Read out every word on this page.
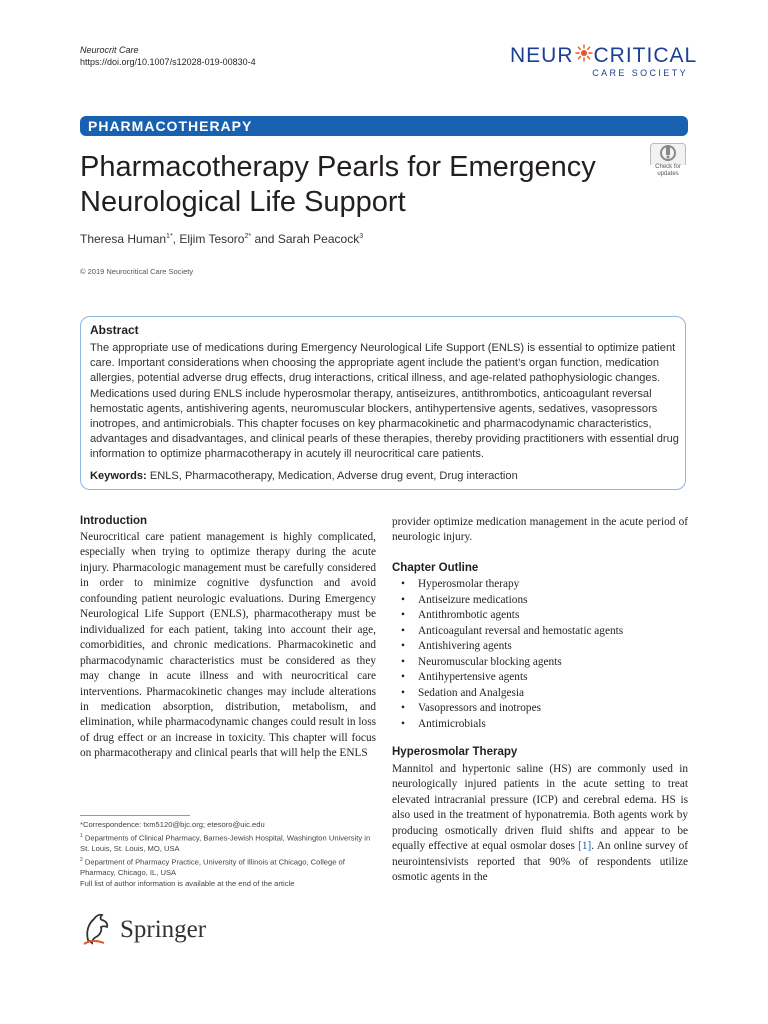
Neurocrit Care
https://doi.org/10.1007/s12028-019-00830-4	NEUR CRITICAL
CARE SOCIETY
PHARMACOTHERAPY
Pharmacotherapy Pearls for Emergency Neurological Life Support
Check for updates
Theresa Human$^{1*}$, Eljim Tesoro$^{2*}$ and Sarah Peacock$^3$
© 2019 Neurocritical Care Society
Abstract
The appropriate use of medications during Emergency Neurological Life Support (ENLS) is essential to optimize patient care. Important considerations when choosing the appropriate agent include the patient’s organ function, medication allergies, potential adverse drug effects, drug interactions, critical illness, and age-related pathophysiologic changes. Medications used during ENLS include hyperosmolar therapy, antiseizures, antithrombotics, anticoagulant reversal hemostatic agents, antishivering agents, neuromuscular blockers, antihypertensive agents, sedatives, vasopressors inotropes, and antimicrobials. This chapter focuses on key pharmacokinetic and pharmacodynamic characteristics, advantages and disadvantages, and clinical pearls of these therapies, thereby providing practitioners with essential drug information to optimize pharmacotherapy in acutely ill neurocritical care patients.
Keywords: ENLS, Pharmacotherapy, Medication, Adverse drug event, Drug interaction
Introduction
Neurocritical care patient management is highly complicated, especially when trying to optimize therapy during the acute injury. Pharmacologic management must be carefully considered in order to minimize cognitive dysfunction and avoid confounding patient neurologic evaluations. During Emergency Neurological Life Support (ENLS), pharmacotherapy must be individualized for each patient, taking into account their age, comorbidities, and chronic medications. Pharmacokinetic and pharmacodynamic characteristics must be considered as they may change in acute illness and with neurocritical care interventions. Pharmacokinetic changes may include alterations in medication absorption, distribution, metabolism, and elimination, while pharmacodynamic changes could result in loss of drug effect or an increase in toxicity. This chapter will focus on pharmacotherapy and clinical pearls that will help the ENLS
*Correspondence: txm5120@bjc.org; etesoro@uic.edu
$^1$ Departments of Clinical Pharmacy, Barnes-Jewish Hospital, Washington University in St. Louis, St. Louis, MO, USA
$^2$ Department of Pharmacy Practice, University of Illinois at Chicago, College of Pharmacy, Chicago, IL, USA
Full list of author information is available at the end of the article
Springer
provider optimize medication management in the acute period of neurologic injury.
Chapter Outline
• Hyperosmolar therapy
• Antiseizure medications
• Antithrombotic agents
• Anticoagulant reversal and hemostatic agents
• Antishivering agents
• Neuromuscular blocking agents
• Antihypertensive agents
• Sedation and Analgesia
• Vasopressors and inotropes
• Antimicrobials
Hyperosmolar Therapy
Mannitol and hypertonic saline (HS) are commonly used in neurologically injured patients in the acute setting to treat elevated intracranial pressure (ICP) and cerebral edema. HS is also used in the treatment of hyponatremia. Both agents work by producing osmotically driven fluid shifts and appear to be equally effective at equal osmolar doses [1]. An online survey of neurointensivists reported that 90% of respondents utilize osmotic agents in the
